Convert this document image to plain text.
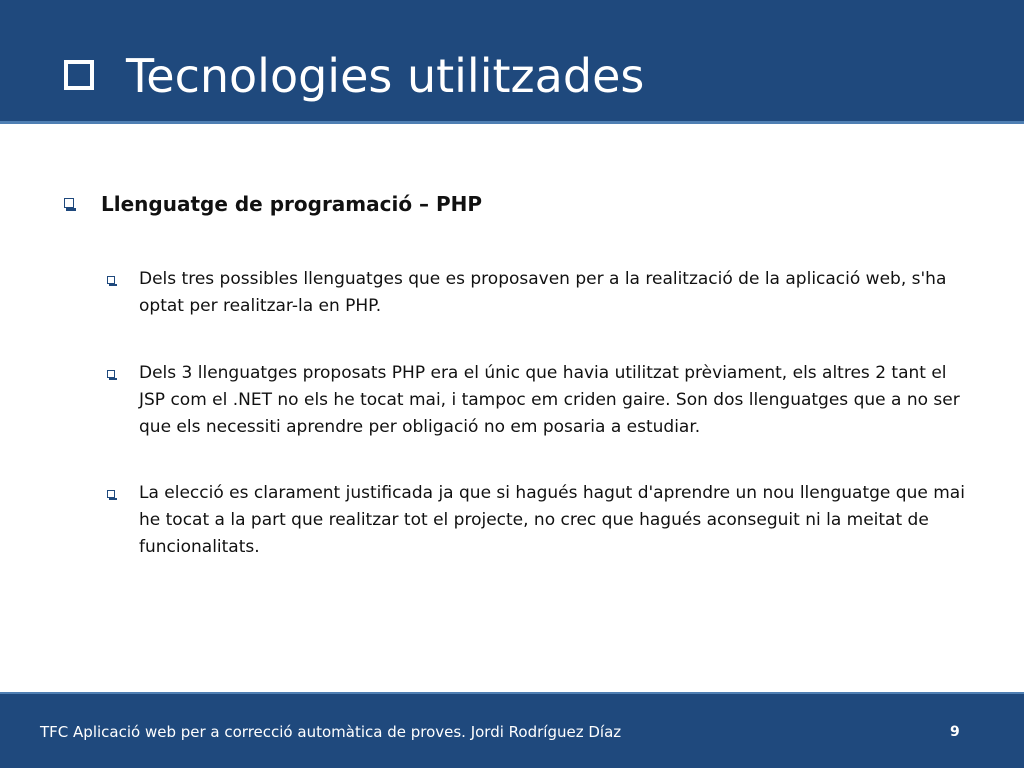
Tecnologies utilitzades
Llenguatge de programació – PHP
Dels tres possibles llenguatges que es proposaven per a la realització de la aplicació web, s'ha optat per realitzar-la en PHP.
Dels 3 llenguatges proposats PHP era el únic que havia utilitzat prèviament, els altres 2 tant el JSP com el .NET no els he tocat mai, i tampoc em criden gaire. Son dos llenguatges que a no ser que els necessiti aprendre per obligació no em posaria a estudiar.
La elecció es clarament justificada ja que si hagués hagut d'aprendre un nou llenguatge que mai he tocat a la part que realitzar tot el projecte, no crec que hagués aconseguit ni la meitat de funcionalitats.
TFC Aplicació web per a correcció automàtica de proves. Jordi Rodríguez Díaz	9
